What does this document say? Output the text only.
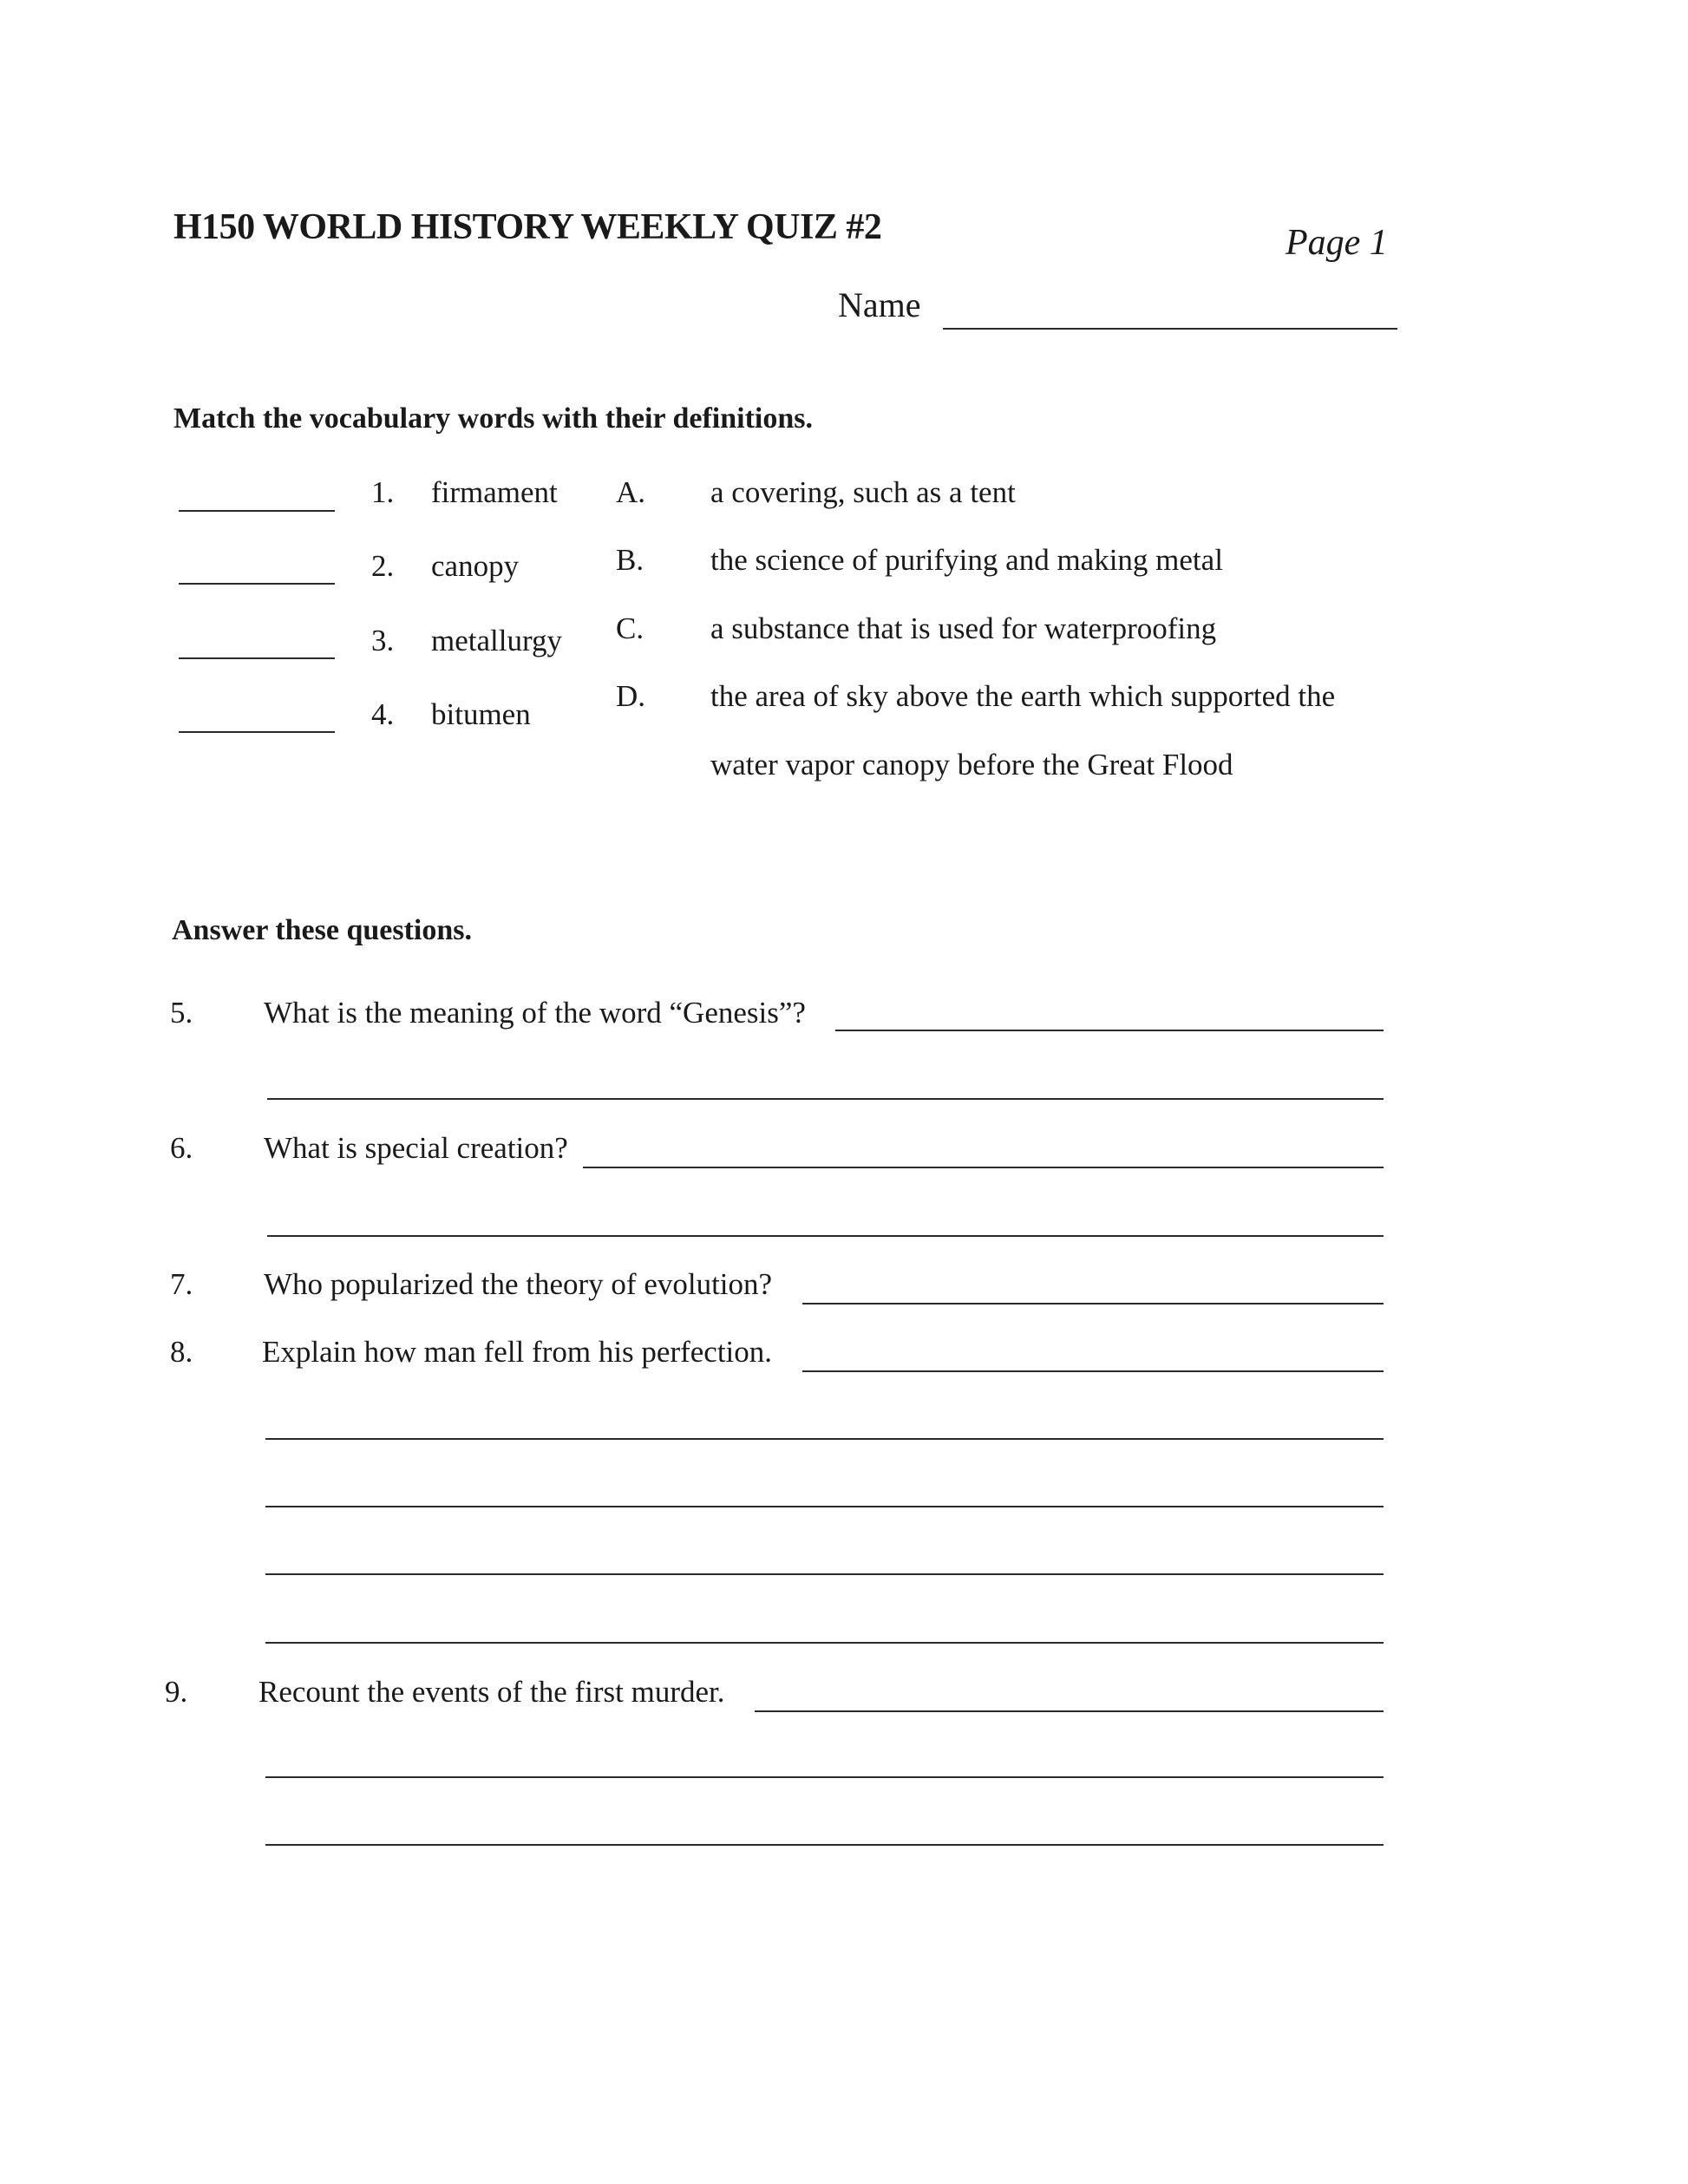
H150 WORLD HISTORY WEEKLY QUIZ #2	Page 1
Name
Match the vocabulary words with their definitions.
1. firmament
2. canopy
3. metallurgy
4. bitumen
A. a covering, such as a tent
B. the science of purifying and making metal
C. a substance that is used for waterproofing
D. the area of sky above the earth which supported the
water vapor canopy before the Great Flood
Answer these questions.
5. What is the meaning of the word “Genesis”?
6. What is special creation?
7. Who popularized the theory of evolution?
8. Explain how man fell from his perfection.
9. Recount the events of the first murder.
